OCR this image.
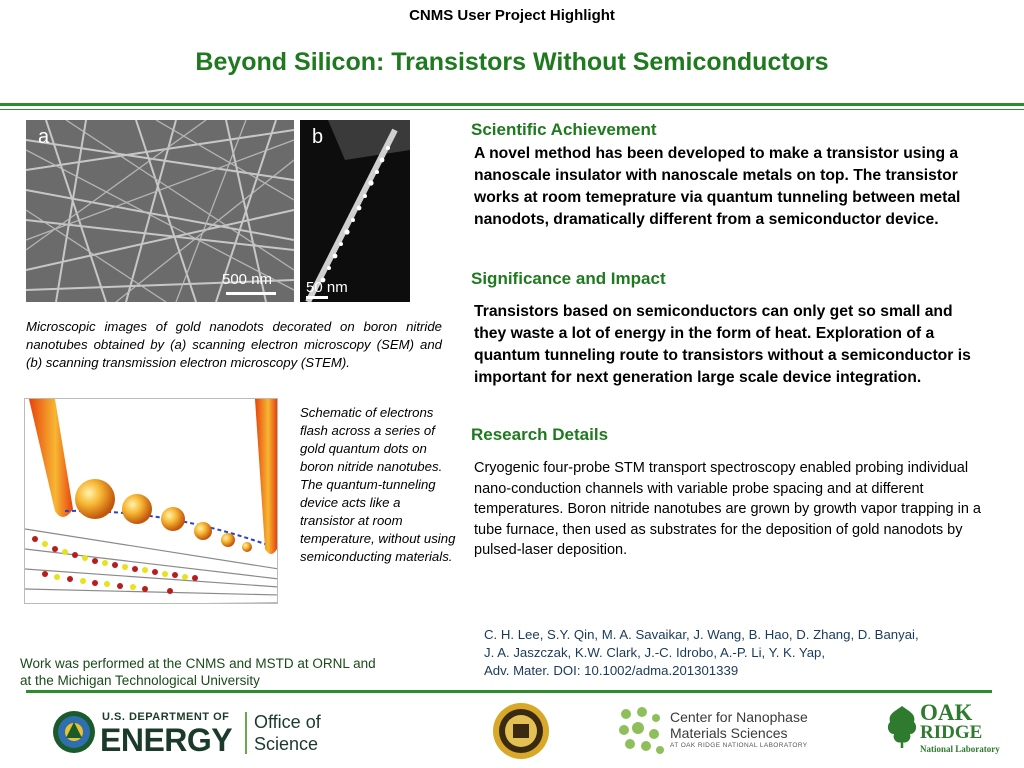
CNMS User Project Highlight
Beyond Silicon: Transistors Without Semiconductors
a
500 nm
b
50 nm
Microscopic images of gold nanodots decorated on boron nitride nanotubes obtained by (a) scanning electron microscopy (SEM) and (b) scanning transmission electron microscopy (STEM).
Schematic of electrons flash across a series of gold quantum dots on boron nitride nanotubes. The quantum-tunneling device acts like a transistor at room temperature, without using semiconducting materials.
Scientific Achievement
A novel method has been developed to make a transistor using a nanoscale insulator with nanoscale metals on top. The transistor works at room temeprature via quantum tunneling between metal nanodots, dramatically different from a semiconductor device.
Significance and Impact
Transistors based on semiconductors can only get so small and they waste a lot of energy in the form of heat. Exploration of a quantum tunneling route to transistors without a semiconductor is important for next generation large scale device integration.
Research Details
Cryogenic four-probe STM transport spectroscopy enabled probing individual nano-conduction channels with variable probe spacing and at different temperatures. Boron nitride nanotubes are grown by growth vapor trapping in a tube furnace, then used as substrates for the deposition of gold nanodots by pulsed-laser deposition.
C. H. Lee, S.Y. Qin, M. A. Savaikar, J. Wang, B. Hao, D. Zhang, D. Banyai,
J. A. Jaszczak, K.W. Clark, J.-C. Idrobo, A.-P. Li, Y. K. Yap,
Adv. Mater. DOI: 10.1002/adma.201301339
Work was performed at the CNMS and MSTD at ORNL and
at the Michigan Technological University
U.S. DEPARTMENT OF
ENERGY Office of
Science
Center for Nanophase
Materials Sciences
AT OAK RIDGE NATIONAL LABORATORY
OAK
RIDGE
National Laboratory
